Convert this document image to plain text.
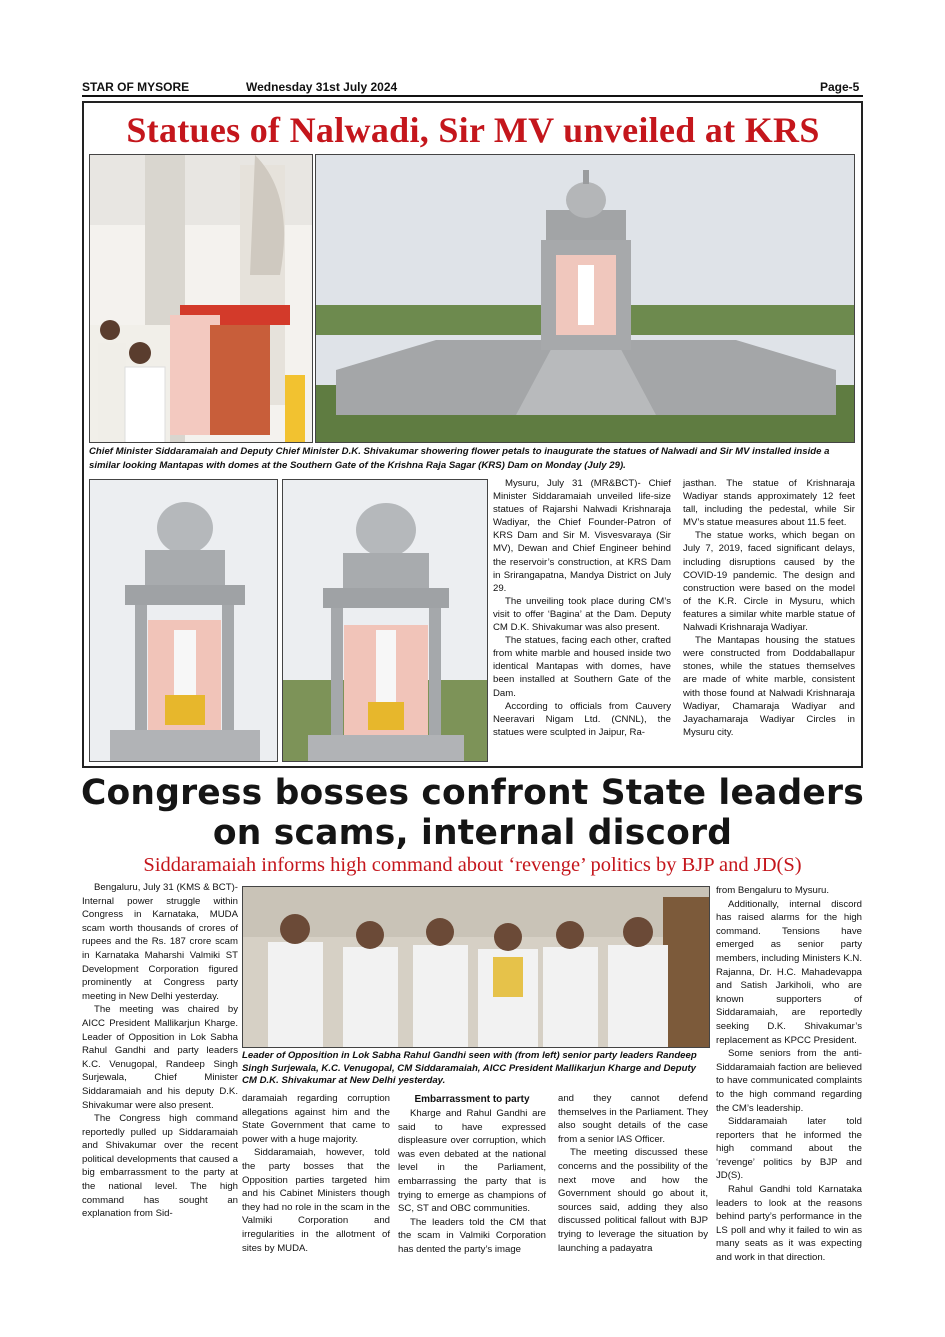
STAR OF MYSORE	Wednesday 31st July 2024	Page-5
Statues of Nalwadi, Sir MV unveiled at KRS
Chief Minister Siddaramaiah and Deputy Chief Minister D.K. Shivakumar showering flower petals to inaugurate the statues of Nalwadi and Sir MV installed inside a similar looking Mantapas with domes at the Southern Gate of the Krishna Raja Sagar (KRS) Dam on Monday (July 29).

Mysuru, July 31 (MR&BCT)- Chief Minister Siddaramaiah unveiled life-size statues of Rajarshi Nalwadi Krishnaraja Wadiyar, the Chief Founder-Patron of KRS Dam and Sir M. Visvesvaraya (Sir MV), Dewan and Chief Engineer behind the reservoir’s construction, at KRS Dam in Srirangapatna, Mandya District on July 29.

The unveiling took place during CM’s visit to offer ‘Bagina’ at the Dam. Deputy CM D.K. Shivakumar was also present.

The statues, facing each other, crafted from white marble and housed inside two identical Mantapas with domes, have been installed at Southern Gate of the Dam.

According to officials from Cauvery Neeravari Nigam Ltd. (CNNL), the statues were sculpted in Jaipur, Ra-

jasthan. The statue of Krishnaraja Wadiyar stands approximately 12 feet tall, including the pedestal, while Sir MV’s statue measures about 11.5 feet.

The statue works, which began on July 7, 2019, faced significant delays, including disruptions caused by the COVID-19 pandemic. The design and construction were based on the model of the K.R. Circle in Mysuru, which features a similar white marble statue of Nalwadi Krishnaraja Wadiyar.

The Mantapas housing the statues were constructed from Doddaballapur stones, while the statues themselves are made of white marble, consistent with those found at Nalwadi Krishnaraja Wadiyar, Chamaraja Wadiyar and Jayachamaraja Wadiyar Circles in Mysuru city.

Congress bosses confront State leaders
on scams, internal discord
Siddaramaiah informs high command about ‘revenge’ politics by BJP and JD(S)

Bengaluru, July 31 (KMS & BCT)- Internal power struggle within Congress in Karnataka, MUDA scam worth thousands of crores of rupees and the Rs. 187 crore scam in Karnataka Maharshi Valmiki ST Development Corporation figured prominently at Congress party meeting in New Delhi yesterday.

The meeting was chaired by AICC President Mallikarjun Kharge. Leader of Opposition in Lok Sabha Rahul Gandhi and party leaders K.C. Venugopal, Randeep Singh Surjewala, Chief Minister Siddaramaiah and his deputy D.K. Shivakumar were also present.

The Congress high command reportedly pulled up Siddaramaiah and Shivakumar over the recent political developments that caused a big embarrassment to the party at the national level. The high command has sought an explanation from Sid-

Leader of Opposition in Lok Sabha Rahul Gandhi seen with (from left) senior party leaders Randeep Singh Surjewala, K.C. Venugopal, CM Siddaramaiah, AICC President Mallikarjun Kharge and Deputy CM D.K. Shivakumar at New Delhi yesterday.

daramaiah regarding corruption allegations against him and the State Government that came to power with a huge majority.

Siddaramaiah, however, told the party bosses that the Opposition parties targeted him and his Cabinet Ministers though they had no role in the scam in the Valmiki Corporation and irregularities in the allotment of sites by MUDA.

Embarrassment to party

Kharge and Rahul Gandhi are said to have expressed displeasure over corruption, which was even debated at the national level in the Parliament, embarrassing the party that is trying to emerge as champions of SC, ST and OBC communities.

The leaders told the CM that the scam in Valmiki Corporation has dented the party’s image

and they cannot defend themselves in the Parliament. They also sought details of the case from a senior IAS Officer.

The meeting discussed these concerns and the possibility of the next move and how the Government should go about it, sources said, adding they also discussed political fallout with BJP trying to leverage the situation by launching a padayatra

from Bengaluru to Mysuru.

Additionally, internal discord has raised alarms for the high command. Tensions have emerged as senior party members, including Ministers K.N. Rajanna, Dr. H.C. Mahadevappa and Satish Jarkiholi, who are known supporters of Siddaramaiah, are reportedly seeking D.K. Shivakumar’s replacement as KPCC President.

Some seniors from the anti-Siddaramaiah faction are believed to have communicated complaints to the high command regarding the CM’s leadership.

Siddaramaiah later told reporters that he informed the high command about the ‘revenge’ politics by BJP and JD(S).

Rahul Gandhi told Karnataka leaders to look at the reasons behind party’s performance in the LS poll and why it failed to win as many seats as it was expecting and work in that direction.
